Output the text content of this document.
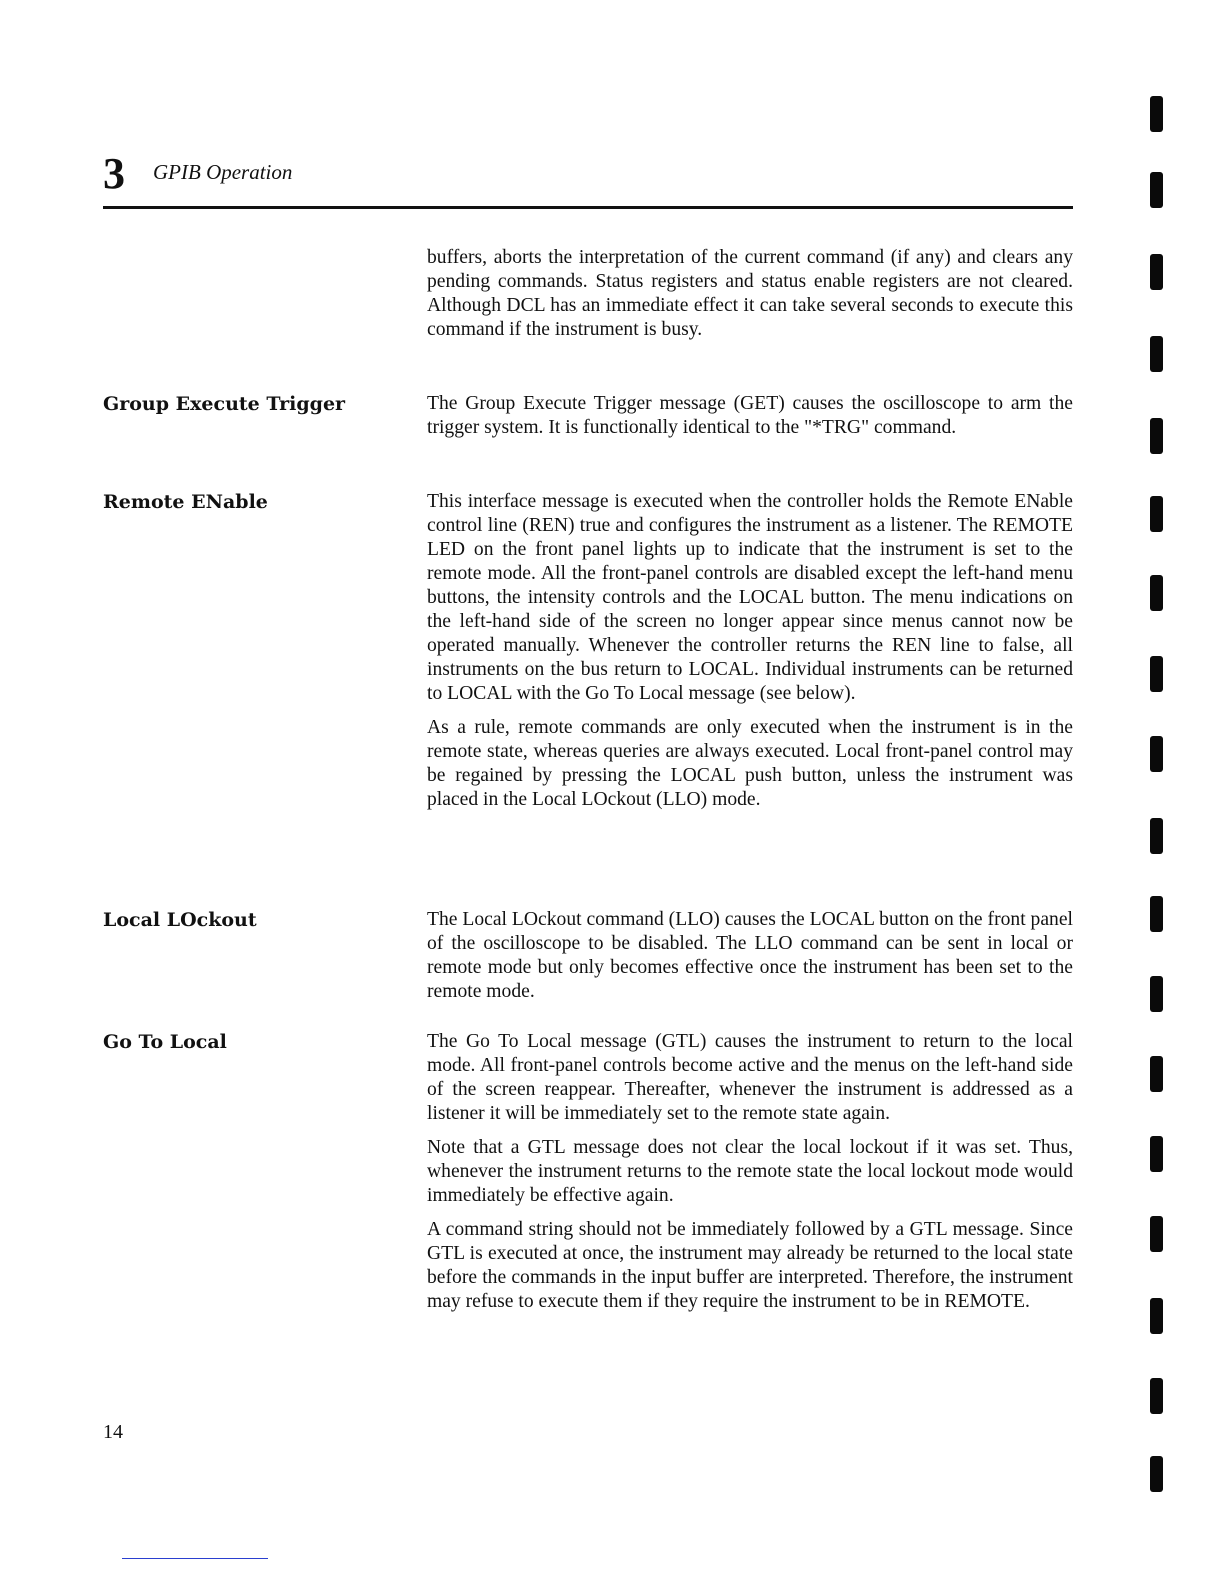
3 GPIB Operation

buffers, aborts the interpretation of the current command (if any) and clears any pending commands. Status registers and status enable registers are not cleared. Although DCL has an immediate effect it can take several seconds to execute this command if the instrument is busy.

Group Execute Trigger	The Group Execute Trigger message (GET) causes the oscilloscope to arm the trigger system. It is functionally identical to the "*TRG" command.

Remote ENable	This interface message is executed when the controller holds the Remote ENable control line (REN) true and configures the instrument as a listener. The REMOTE LED on the front panel lights up to indicate that the instrument is set to the remote mode. All the front-panel controls are disabled except the left-hand menu buttons, the intensity controls and the LOCAL button. The menu indications on the left-hand side of the screen no longer appear since menus cannot now be operated manually. Whenever the controller returns the REN line to false, all instruments on the bus return to LOCAL. Individual instruments can be returned to LOCAL with the Go To Local message (see below).

As a rule, remote commands are only executed when the instrument is in the remote state, whereas queries are always executed. Local front-panel control may be regained by pressing the LOCAL push button, unless the instrument was placed in the Local LOckout (LLO) mode.

Local LOckout	The Local LOckout command (LLO) causes the LOCAL button on the front panel of the oscilloscope to be disabled. The LLO command can be sent in local or remote mode but only becomes effective once the instrument has been set to the remote mode.

Go To Local	The Go To Local message (GTL) causes the instrument to return to the local mode. All front-panel controls become active and the menus on the left-hand side of the screen reappear. Thereafter, whenever the instrument is addressed as a listener it will be immediately set to the remote state again.

Note that a GTL message does not clear the local lockout if it was set. Thus, whenever the instrument returns to the remote state the local lockout mode would immediately be effective again.

A command string should not be immediately followed by a GTL message. Since GTL is executed at once, the instrument may already be returned to the local state before the commands in the input buffer are interpreted. Therefore, the instrument may refuse to execute them if they require the instrument to be in REMOTE.

14
